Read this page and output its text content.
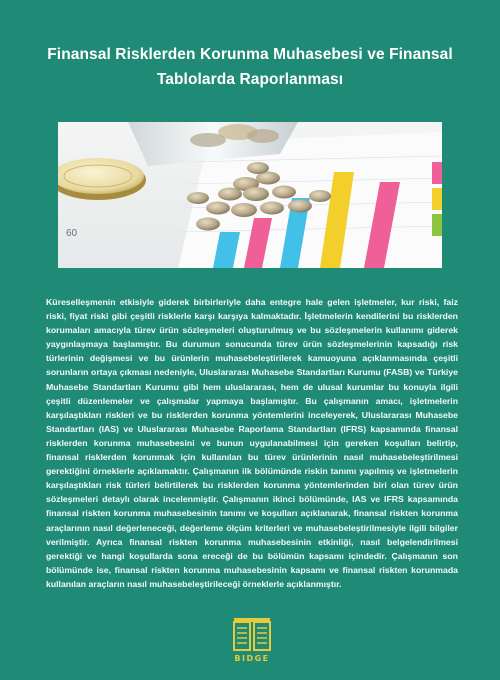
Finansal Risklerden Korunma Muhasebesi ve Finansal Tablolarda Raporlanması
60
Küreselleşmenin etkisiyle giderek birbirleriyle daha entegre hale gelen işletmeler, kur riski, faiz riski, fiyat riski gibi çeşitli risklerle karşı karşıya kalmaktadır. İşletmelerin kendilerini bu risklerden korumaları amacıyla türev ürün sözleşmeleri oluşturulmuş ve bu sözleşmelerin kullanımı giderek yaygınlaşmaya başlamıştır. Bu durumun sonucunda türev ürün sözleşmelerinin kapsadığı risk türlerinin değişmesi ve bu ürünlerin muhasebeleştirilerek kamuoyuna açıklanmasında çeşitli sorunların ortaya çıkması nedeniyle, Uluslararası Muhasebe Standartları Kurumu (FASB) ve Türkiye Muhasebe Standartları Kurumu gibi hem uluslararası, hem de ulusal kurumlar bu konuyla ilgili çeşitli düzenlemeler ve çalışmalar yapmaya başlamıştır. Bu çalışmanın amacı, işletmelerin karşılaştıkları riskleri ve bu risklerden korunma yöntemlerini inceleyerek, Uluslararası Muhasebe Standartları (IAS) ve Uluslararası Muhasebe Raporlama Standartları (IFRS) kapsamında finansal risklerden korunma muhasebesini ve bunun uygulanabilmesi için gereken koşulları belirtip, finansal risklerden korunmak için kullanılan bu türev ürünlerinin nasıl muhasebeleştirilmesi gerektiğini örneklerle açıklamaktır. Çalışmanın ilk bölümünde riskin tanımı yapılmış ve işletmelerin karşılaştıkları risk türleri belirtilerek bu risklerden korunma yöntemlerinden biri olan türev ürün sözleşmeleri detaylı olarak incelenmiştir. Çalışmanın ikinci bölümünde, IAS ve IFRS kapsamında finansal riskten korunma muhasebesinin tanımı ve koşulları açıklanarak, finansal riskten korunma araçlarının nasıl değerleneceği, değerleme ölçüm kriterleri ve muhasebeleştirilmesiyle ilgili bilgiler verilmiştir. Ayrıca finansal riskten korunma muhasebesinin etkinliği, nasıl belgelendirilmesi gerektiği ve hangi koşullarda sona ereceği de bu bölümün kapsamı içindedir. Çalışmanın son bölümünde ise, finansal riskten korunma muhasebesinin kapsamı ve finansal riskten korunmada kullanılan araçların nasıl muhasebeleştirileceği örneklerle açıklanmıştır.
BIDGE
